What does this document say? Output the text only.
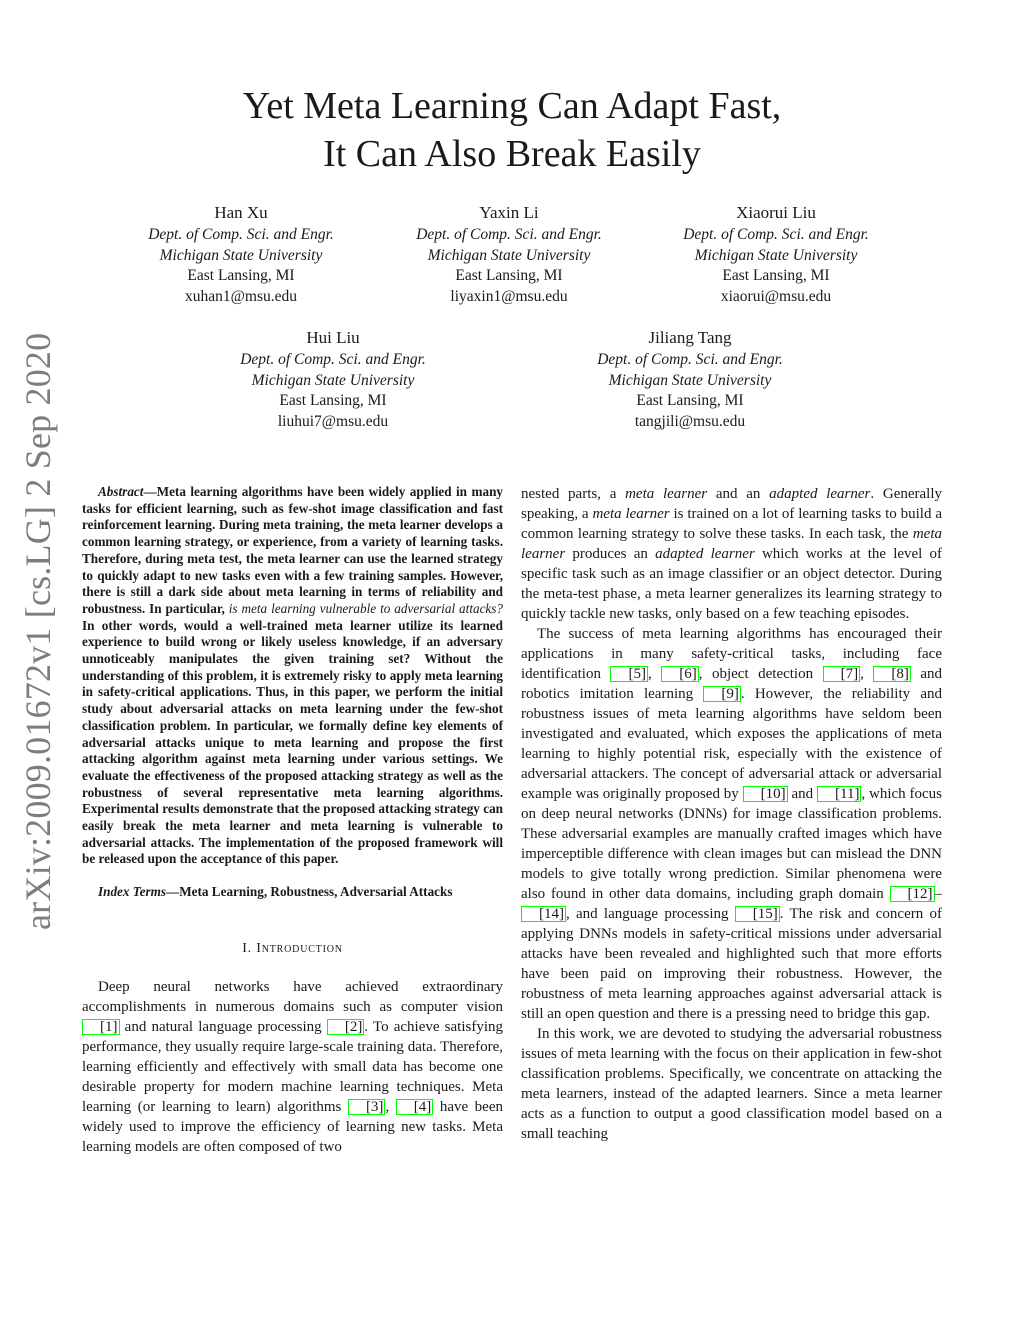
Yet Meta Learning Can Adapt Fast,
It Can Also Break Easily
Han Xu
Dept. of Comp. Sci. and Engr.
Michigan State University
East Lansing, MI
xuhan1@msu.edu
Yaxin Li
Dept. of Comp. Sci. and Engr.
Michigan State University
East Lansing, MI
liyaxin1@msu.edu
Xiaorui Liu
Dept. of Comp. Sci. and Engr.
Michigan State University
East Lansing, MI
xiaorui@msu.edu
Hui Liu
Dept. of Comp. Sci. and Engr.
Michigan State University
East Lansing, MI
liuhui7@msu.edu
Jiliang Tang
Dept. of Comp. Sci. and Engr.
Michigan State University
East Lansing, MI
tangjili@msu.edu
arXiv:2009.01672v1 [cs.LG] 2 Sep 2020	Abstract—Meta learning algorithms have been widely applied in many tasks for efficient learning, such as few-shot image classification and fast reinforcement learning. During meta training, the meta learner develops a common learning strategy, or experience, from a variety of learning tasks. Therefore, during meta test, the meta learner can use the learned strategy to quickly adapt to new tasks even with a few training samples. However, there is still a dark side about meta learning in terms of reliability and robustness. In particular, is meta learning vulnerable to adversarial attacks? In other words, would a well-trained meta learner utilize its learned experience to build wrong or likely useless knowledge, if an adversary unnoticeably manipulates the given training set? Without the understanding of this problem, it is extremely risky to apply meta learning in safety-critical applications. Thus, in this paper, we perform the initial study about adversarial attacks on meta learning under the few-shot classification problem. In particular, we formally define key elements of adversarial attacks unique to meta learning and propose the first attacking algorithm against meta learning under various settings. We evaluate the effectiveness of the proposed attacking strategy as well as the robustness of several representative meta learning algorithms. Experimental results demonstrate that the proposed attacking strategy can easily break the meta learner and meta learning is vulnerable to adversarial attacks. The implementation of the proposed framework will be released upon the acceptance of this paper.

Index Terms—Meta Learning, Robustness, Adversarial Attacks

I. Introduction

Deep neural networks have achieved extraordinary accomplishments in numerous domains such as computer vision [1] and natural language processing [2] . To achieve satisfying performance, they usually require large-scale training data. Therefore, learning efficiently and effectively with small data has become one desirable property for modern machine learning techniques. Meta learning (or learning to learn) algorithms [3] , [4] have been widely used to improve the efficiency of learning new tasks. Meta learning models are often composed of two

nested parts, a meta learner and an adapted learner. Generally speaking, a meta learner is trained on a lot of learning tasks to build a common learning strategy to solve these tasks. In each task, the meta learner produces an adapted learner which works at the level of specific task such as an image classifier or an object detector. During the meta-test phase, a meta learner generalizes its learning strategy to quickly tackle new tasks, only based on a few teaching episodes.

The success of meta learning algorithms has encouraged their applications in many safety-critical tasks, including face identification [5] , [6] , object detection [7] , [8] and robotics imitation learning [9] . However, the reliability and robustness issues of meta learning algorithms have seldom been investigated and evaluated, which exposes the applications of meta learning to highly potential risk, especially with the existence of adversarial attackers. The concept of adversarial attack or adversarial example was originally proposed by [10] and [11] , which focus on deep neural networks (DNNs) for image classification problems. These adversarial examples are manually crafted images which have imperceptible difference with clean images but can mislead the DNN models to give totally wrong prediction. Similar phenomena were also found in other data domains, including graph domain [12] –[14] , and language processing [15] . The risk and concern of applying DNNs models in safety-critical missions under adversarial attacks have been revealed and highlighted such that more efforts have been paid on improving their robustness. However, the robustness of meta learning approaches against adversarial attack is still an open question and there is a pressing need to bridge this gap.

In this work, we are devoted to studying the adversarial robustness issues of meta learning with the focus on their application in few-shot classification problems. Specifically, we concentrate on attacking the meta learners, instead of the adapted learners. Since a meta learner acts as a function to output a good classification model based on a small teaching
